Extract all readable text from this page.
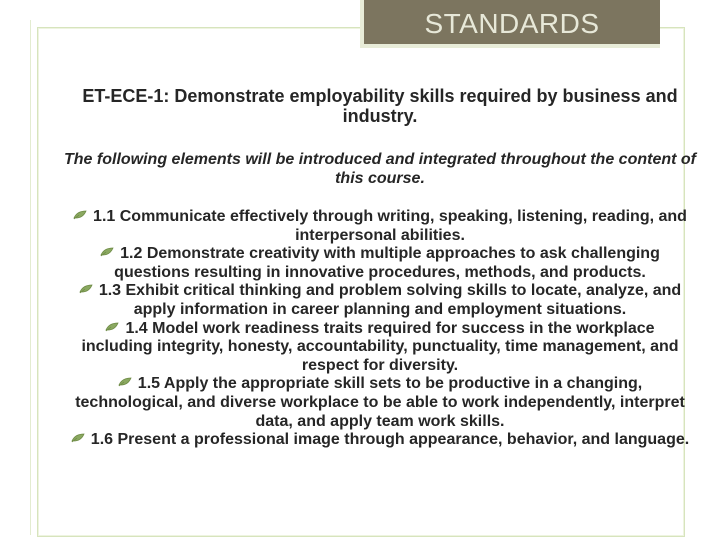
STANDARDS
ET-ECE-1: Demonstrate employability skills required by business and industry.
The following elements will be introduced and integrated throughout the content of this course.

1.1 Communicate effectively through writing, speaking, listening, reading, and interpersonal abilities.

1.2 Demonstrate creativity with multiple approaches to ask challenging questions resulting in innovative procedures, methods, and products.

1.3 Exhibit critical thinking and problem solving skills to locate, analyze, and apply information in career planning and employment situations.

1.4 Model work readiness traits required for success in the workplace including integrity, honesty, accountability, punctuality, time management, and respect for diversity.

1.5 Apply the appropriate skill sets to be productive in a changing, technological, and diverse workplace to be able to work independently, interpret data, and apply team work skills.

1.6 Present a professional image through appearance, behavior, and language.
